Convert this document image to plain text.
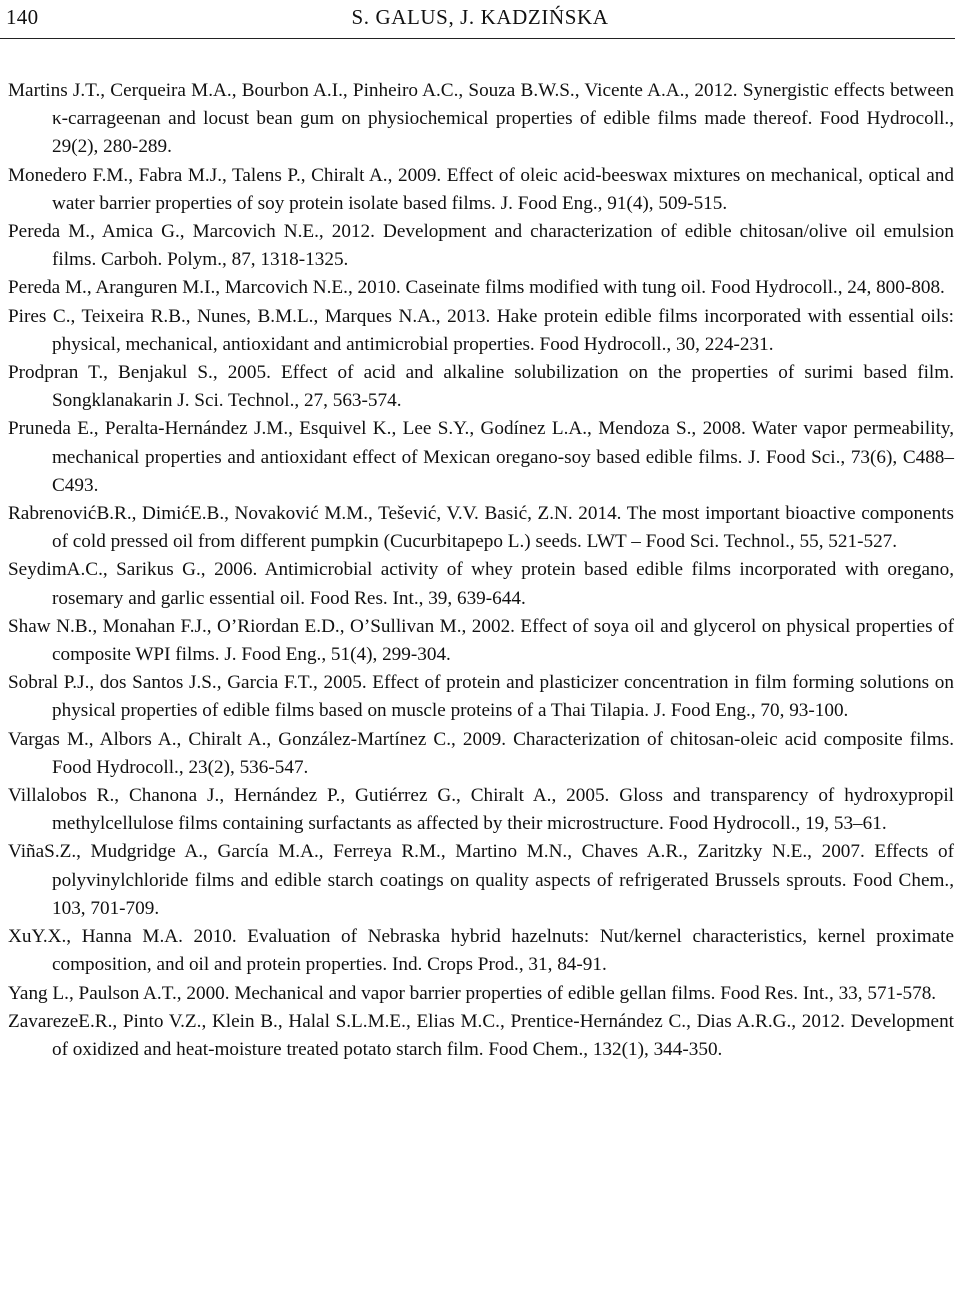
140	S. GALUS, J. KADZIŃSKA

Martins J.T., Cerqueira M.A., Bourbon A.I., Pinheiro A.C., Souza B.W.S., Vicente A.A., 2012. Synergistic effects between κ-carrageenan and locust bean gum on physiochemical properties of edible films made thereof. Food Hydrocoll., 29(2), 280-289.

Monedero F.M., Fabra M.J., Talens P., Chiralt A., 2009. Effect of oleic acid-beeswax mixtures on mechanical, optical and water barrier properties of soy protein isolate based films. J. Food Eng., 91(4), 509-515.

Pereda M., Amica G., Marcovich N.E., 2012. Development and characterization of edible chitosan/olive oil emulsion films. Carboh. Polym., 87, 1318-1325.

Pereda M., Aranguren M.I., Marcovich N.E., 2010. Caseinate films modified with tung oil. Food Hydrocoll., 24, 800-808.

Pires C., Teixeira R.B., Nunes, B.M.L., Marques N.A., 2013. Hake protein edible films incorporated with essential oils: physical, mechanical, antioxidant and antimicrobial properties. Food Hydrocoll., 30, 224-231.

Prodpran T., Benjakul S., 2005. Effect of acid and alkaline solubilization on the properties of surimi based film. Songklanakarin J. Sci. Technol., 27, 563-574.

Pruneda E., Peralta-Hernández J.M., Esquivel K., Lee S.Y., Godínez L.A., Mendoza S., 2008. Water vapor permeability, mechanical properties and antioxidant effect of Mexican oregano-soy based edible films. J. Food Sci., 73(6), C488–C493.

RabrenovićB.R., DimićE.B., Novaković M.M., Tešević, V.V. Basić, Z.N. 2014. The most important bioactive components of cold pressed oil from different pumpkin (Cucurbitapepo L.) seeds. LWT – Food Sci. Technol., 55, 521-527.

SeydimA.C., Sarikus G., 2006. Antimicrobial activity of whey protein based edible films incorporated with oregano, rosemary and garlic essential oil. Food Res. Int., 39, 639-644.

Shaw N.B., Monahan F.J., O’Riordan E.D., O’Sullivan M., 2002. Effect of soya oil and glycerol on physical properties of composite WPI films. J. Food Eng., 51(4), 299-304.

Sobral P.J., dos Santos J.S., Garcia F.T., 2005. Effect of protein and plasticizer concentration in film forming solutions on physical properties of edible films based on muscle proteins of a Thai Tilapia. J. Food Eng., 70, 93-100.

Vargas M., Albors A., Chiralt A., González-Martínez C., 2009. Characterization of chitosan-oleic acid composite films. Food Hydrocoll., 23(2), 536-547.

Villalobos R., Chanona J., Hernández P., Gutiérrez G., Chiralt A., 2005. Gloss and transparency of hydroxypropil methylcellulose films containing surfactants as affected by their microstructure. Food Hydrocoll., 19, 53–61.

ViñaS.Z., Mudgridge A., García M.A., Ferreya R.M., Martino M.N., Chaves A.R., Zaritzky N.E., 2007. Effects of polyvinylchloride films and edible starch coatings on quality aspects of refrigerated Brussels sprouts. Food Chem., 103, 701-709.

XuY.X., Hanna M.A. 2010. Evaluation of Nebraska hybrid hazelnuts: Nut/kernel characteristics, kernel proximate composition, and oil and protein properties. Ind. Crops Prod., 31, 84-91.

Yang L., Paulson A.T., 2000. Mechanical and vapor barrier properties of edible gellan films. Food Res. Int., 33, 571-578.

ZavarezeE.R., Pinto V.Z., Klein B., Halal S.L.M.E., Elias M.C., Prentice-Hernández C., Dias A.R.G., 2012. Development of oxidized and heat-moisture treated potato starch film. Food Chem., 132(1), 344-350.
